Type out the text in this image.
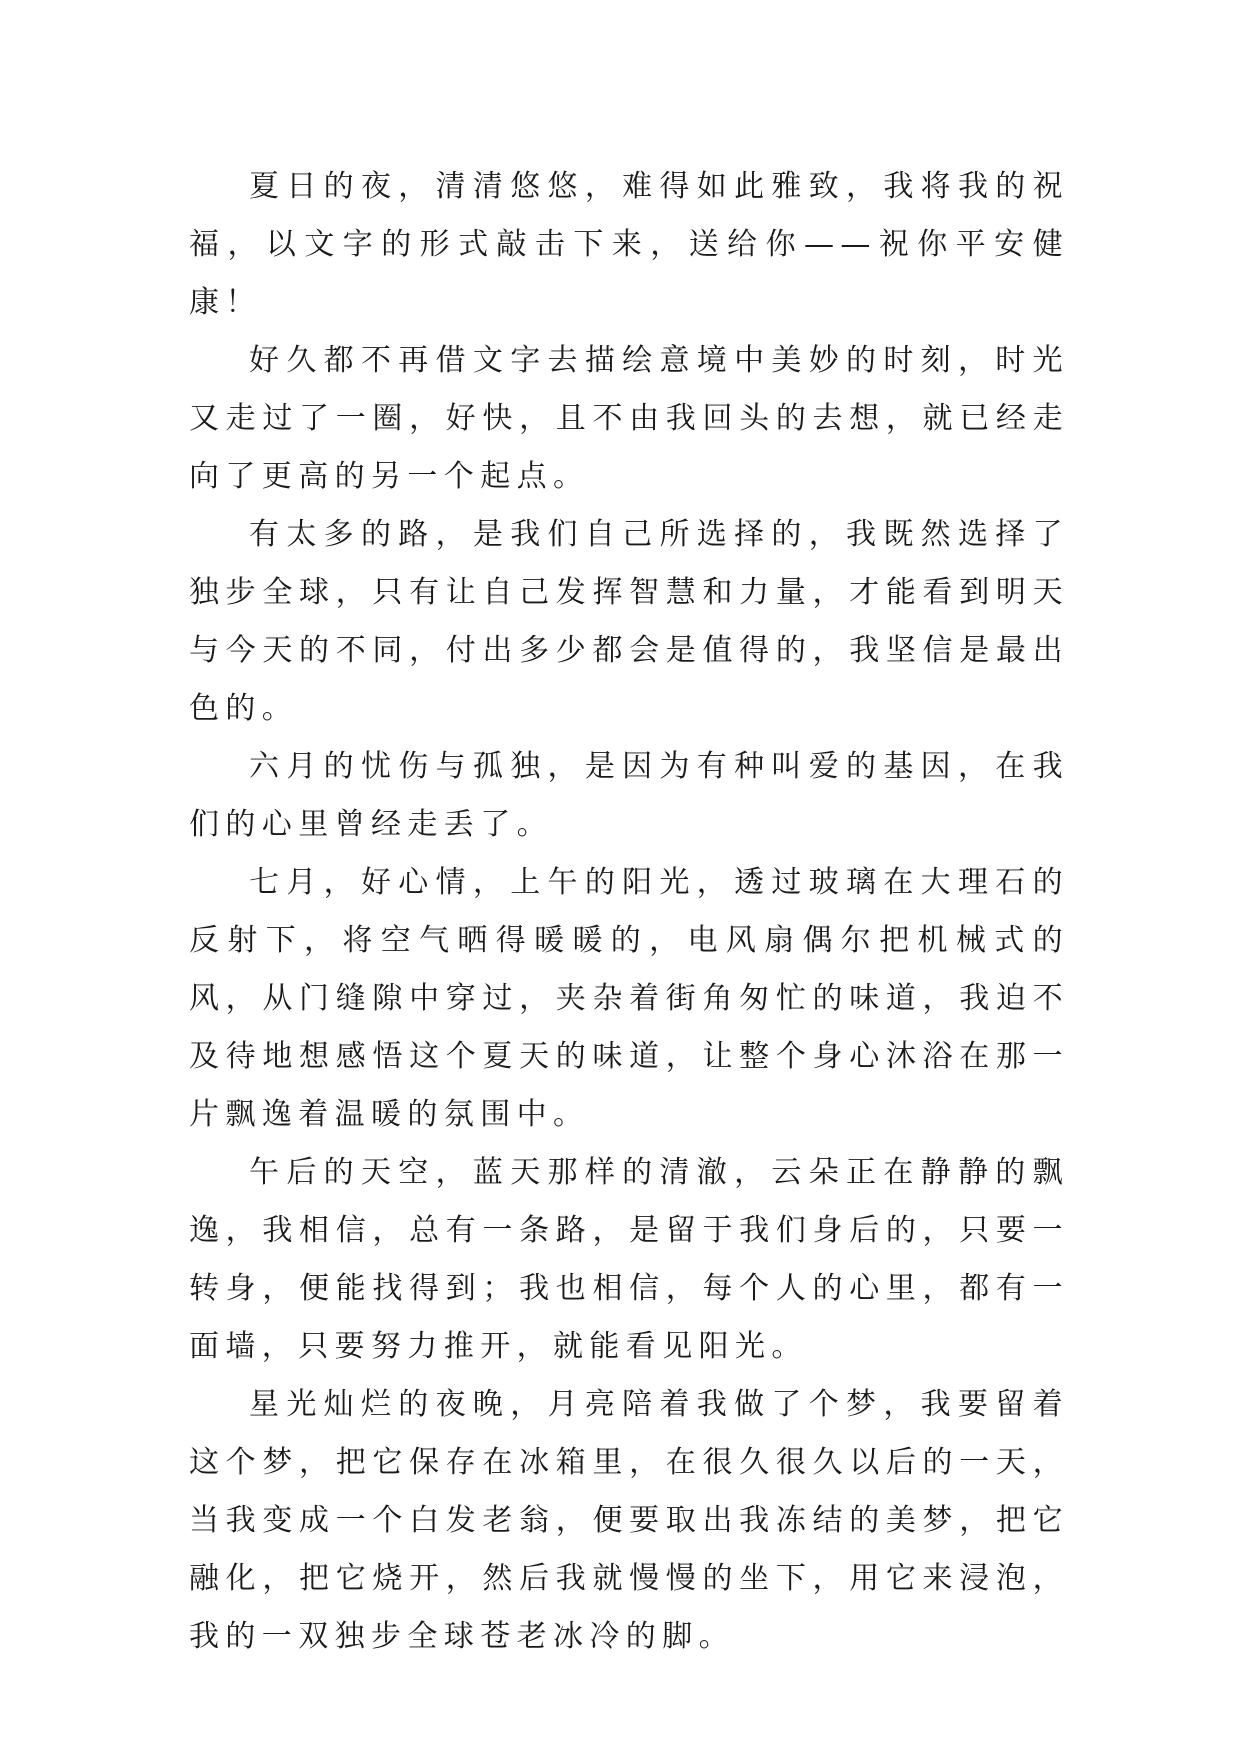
夏日的夜，清清悠悠，难得如此雅致，我将我的祝福，以文字的形式敲击下来，送给你——祝你平安健康！

好久都不再借文字去描绘意境中美妙的时刻，时光又走过了一圈，好快，且不由我回头的去想，就已经走向了更高的另一个起点。

有太多的路，是我们自己所选择的，我既然选择了独步全球，只有让自己发挥智慧和力量，才能看到明天与今天的不同，付出多少都会是值得的，我坚信是最出色的。

六月的忧伤与孤独，是因为有种叫爱的基因，在我们的心里曾经走丢了。

七月，好心情，上午的阳光，透过玻璃在大理石的反射下，将空气晒得暖暖的，电风扇偶尔把机械式的风，从门缝隙中穿过，夹杂着街角匆忙的味道，我迫不及待地想感悟这个夏天的味道，让整个身心沐浴在那一片飘逸着温暖的氛围中。

午后的天空，蓝天那样的清澈，云朵正在静静的飘逸，我相信，总有一条路，是留于我们身后的，只要一转身，便能找得到；我也相信，每个人的心里，都有一面墙，只要努力推开，就能看见阳光。

星光灿烂的夜晚，月亮陪着我做了个梦，我要留着这个梦，把它保存在冰箱里，在很久很久以后的一天，当我变成一个白发老翁，便要取出我冻结的美梦，把它融化，把它烧开，然后我就慢慢的坐下，用它来浸泡，我的一双独步全球苍老冰冷的脚。
